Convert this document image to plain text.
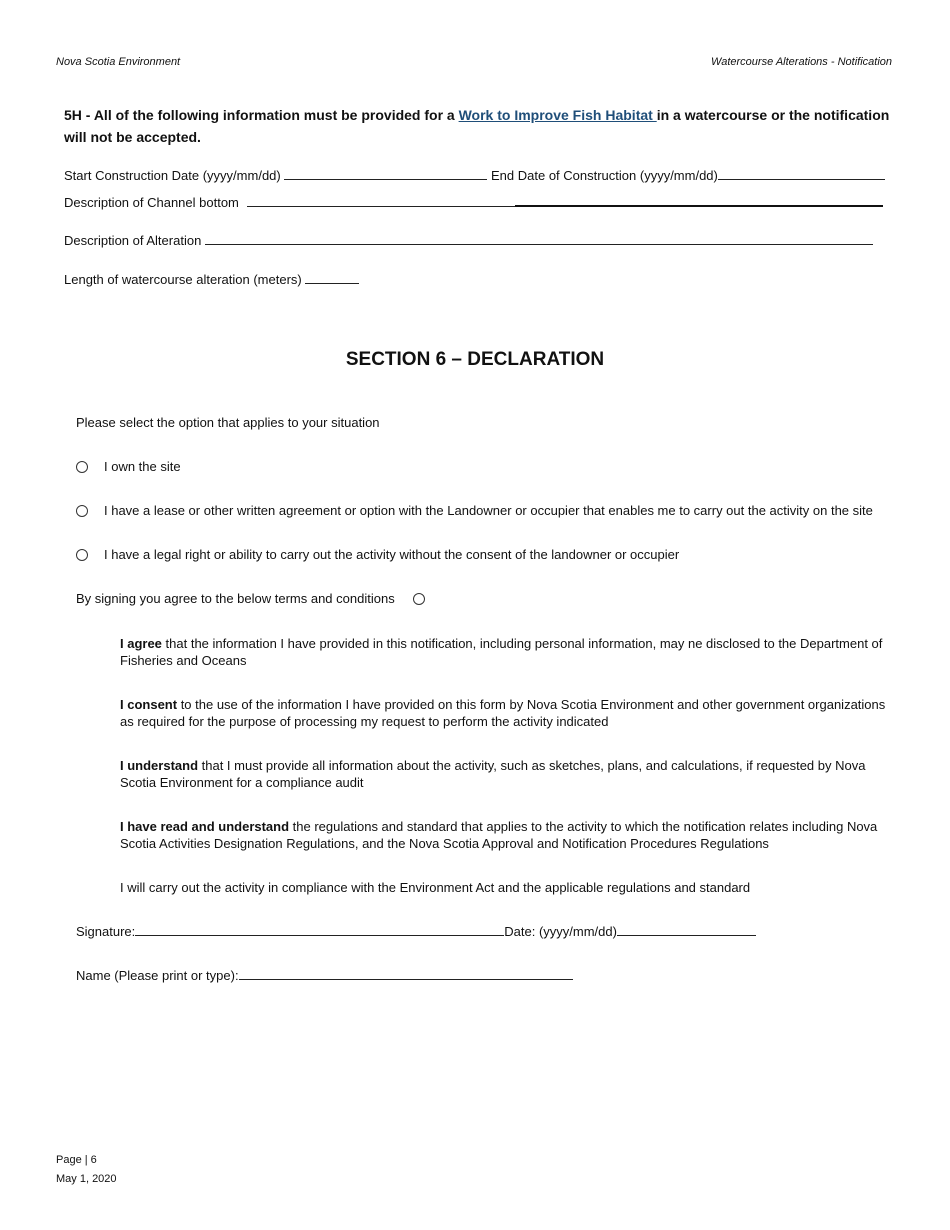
Nova Scotia Environment	Watercourse Alterations - Notification
5H - All of the following information must be provided for a Work to Improve Fish Habitat in a watercourse or the notification will not be accepted.
Start Construction Date (yyyy/mm/dd)	End Date of Construction (yyyy/mm/dd)
Description of Channel bottom
Description of Alteration
Length of watercourse alteration (meters)
SECTION 6 – DECLARATION
Please select the option that applies to your situation
I own the site
I have a lease or other written agreement or option with the Landowner or occupier that enables me to carry out the activity on the site
I have a legal right or ability to carry out the activity without the consent of the landowner or occupier
By signing you agree to the below terms and conditions
I agree that the information I have provided in this notification, including personal information, may ne disclosed to the Department of Fisheries and Oceans
I consent to the use of the information I have provided on this form by Nova Scotia Environment and other government organizations as required for the purpose of processing my request to perform the activity indicated
I understand that I must provide all information about the activity, such as sketches, plans, and calculations, if requested by Nova Scotia Environment for a compliance audit
I have read and understand the regulations and standard that applies to the activity to which the notification relates including Nova Scotia Activities Designation Regulations, and the Nova Scotia Approval and Notification Procedures Regulations
I will carry out the activity in compliance with the Environment Act and the applicable regulations and standard
Signature:	Date: (yyyy/mm/dd)
Name (Please print or type):
Page | 6
May 1, 2020
